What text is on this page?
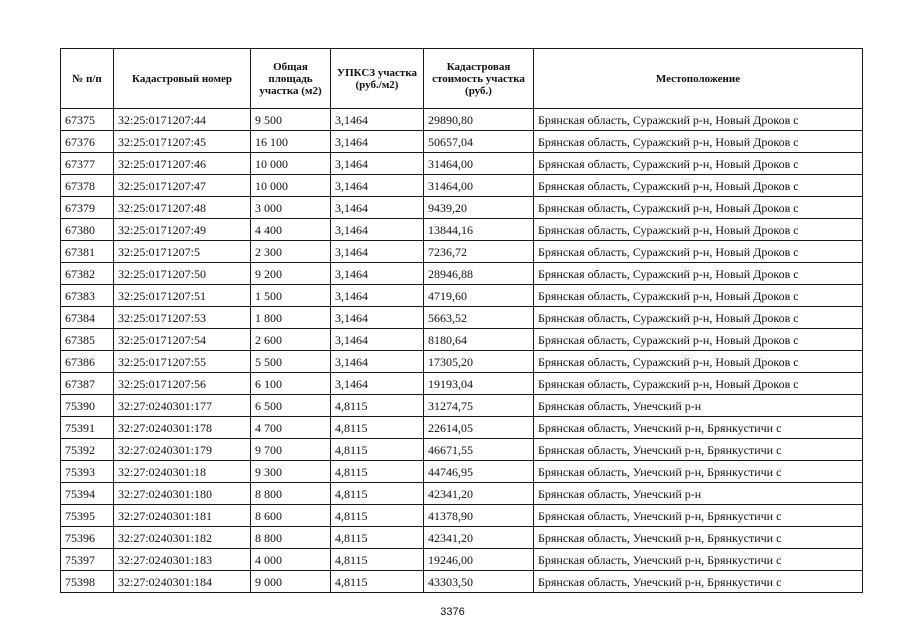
№ п/п	Кадастровый номер	Общая площадь участка (м2)	УПКСЗ участка (руб./м2)	Кадастровая стоимость участка (руб.)	Местоположение
67375	32:25:0171207:44	9 500	3,1464	29890,80	Брянская область, Суражский р-н, Новый Дроков с
67376	32:25:0171207:45	16 100	3,1464	50657,04	Брянская область, Суражский р-н, Новый Дроков с
67377	32:25:0171207:46	10 000	3,1464	31464,00	Брянская область, Суражский р-н, Новый Дроков с
67378	32:25:0171207:47	10 000	3,1464	31464,00	Брянская область, Суражский р-н, Новый Дроков с
67379	32:25:0171207:48	3 000	3,1464	9439,20	Брянская область, Суражский р-н, Новый Дроков с
67380	32:25:0171207:49	4 400	3,1464	13844,16	Брянская область, Суражский р-н, Новый Дроков с
67381	32:25:0171207:5	2 300	3,1464	7236,72	Брянская область, Суражский р-н, Новый Дроков с
67382	32:25:0171207:50	9 200	3,1464	28946,88	Брянская область, Суражский р-н, Новый Дроков с
67383	32:25:0171207:51	1 500	3,1464	4719,60	Брянская область, Суражский р-н, Новый Дроков с
67384	32:25:0171207:53	1 800	3,1464	5663,52	Брянская область, Суражский р-н, Новый Дроков с
67385	32:25:0171207:54	2 600	3,1464	8180,64	Брянская область, Суражский р-н, Новый Дроков с
67386	32:25:0171207:55	5 500	3,1464	17305,20	Брянская область, Суражский р-н, Новый Дроков с
67387	32:25:0171207:56	6 100	3,1464	19193,04	Брянская область, Суражский р-н, Новый Дроков с
75390	32:27:0240301:177	6 500	4,8115	31274,75	Брянская область, Унечский р-н
75391	32:27:0240301:178	4 700	4,8115	22614,05	Брянская область, Унечский р-н, Брянкустичи с
75392	32:27:0240301:179	9 700	4,8115	46671,55	Брянская область, Унечский р-н, Брянкустичи с
75393	32:27:0240301:18	9 300	4,8115	44746,95	Брянская область, Унечский р-н, Брянкустичи с
75394	32:27:0240301:180	8 800	4,8115	42341,20	Брянская область, Унечский р-н
75395	32:27:0240301:181	8 600	4,8115	41378,90	Брянская область, Унечский р-н, Брянкустичи с
75396	32:27:0240301:182	8 800	4,8115	42341,20	Брянская область, Унечский р-н, Брянкустичи с
75397	32:27:0240301:183	4 000	4,8115	19246,00	Брянская область, Унечский р-н, Брянкустичи с
75398	32:27:0240301:184	9 000	4,8115	43303,50	Брянская область, Унечский р-н, Брянкустичи с
3376
